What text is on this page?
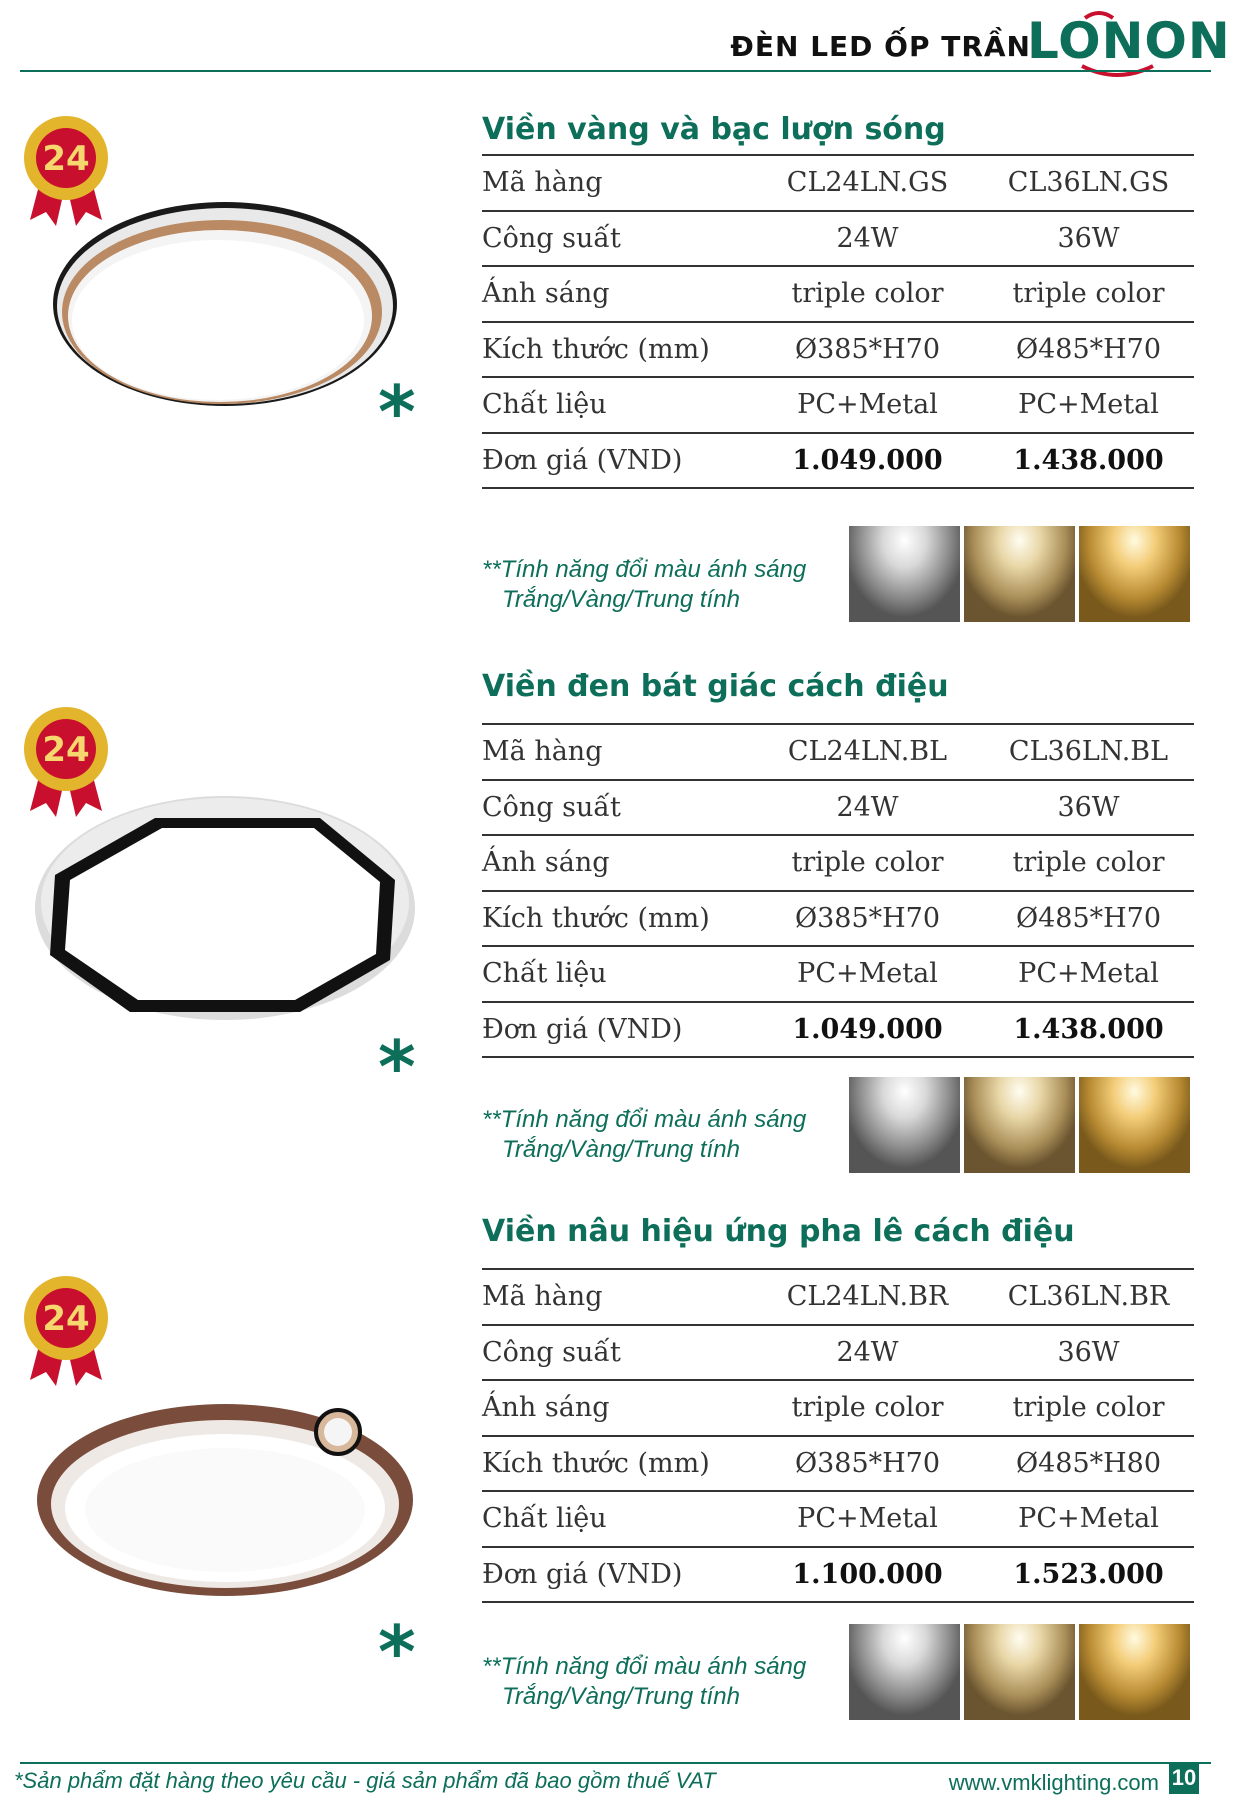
ĐÈN LED ỐP TRẦN
LONON
24
*
Viền vàng và bạc lượn sóng
Mã hàng	CL24LN.GS	CL36LN.GS
Công suất	24W	36W
Ánh sáng	triple color	triple color
Kích thước (mm)	Ø385*H70	Ø485*H70
Chất liệu	PC+Metal	PC+Metal
Đơn giá (VND)	1.049.000	1.438.000
**Tính năng đổi màu ánh sáng
Trắng/Vàng/Trung tính
24
*
Viền đen bát giác cách điệu
Mã hàng	CL24LN.BL	CL36LN.BL
Công suất	24W	36W
Ánh sáng	triple color	triple color
Kích thước (mm)	Ø385*H70	Ø485*H70
Chất liệu	PC+Metal	PC+Metal
Đơn giá (VND)	1.049.000	1.438.000
**Tính năng đổi màu ánh sáng
Trắng/Vàng/Trung tính
24
*
Viền nâu hiệu ứng pha lê cách điệu
Mã hàng	CL24LN.BR	CL36LN.BR
Công suất	24W	36W
Ánh sáng	triple color	triple color
Kích thước (mm)	Ø385*H70	Ø485*H80
Chất liệu	PC+Metal	PC+Metal
Đơn giá (VND)	1.100.000	1.523.000
**Tính năng đổi màu ánh sáng
Trắng/Vàng/Trung tính
*Sản phẩm đặt hàng theo yêu cầu - giá sản phẩm đã bao gồm thuế VAT	www.vmklighting.com 10
